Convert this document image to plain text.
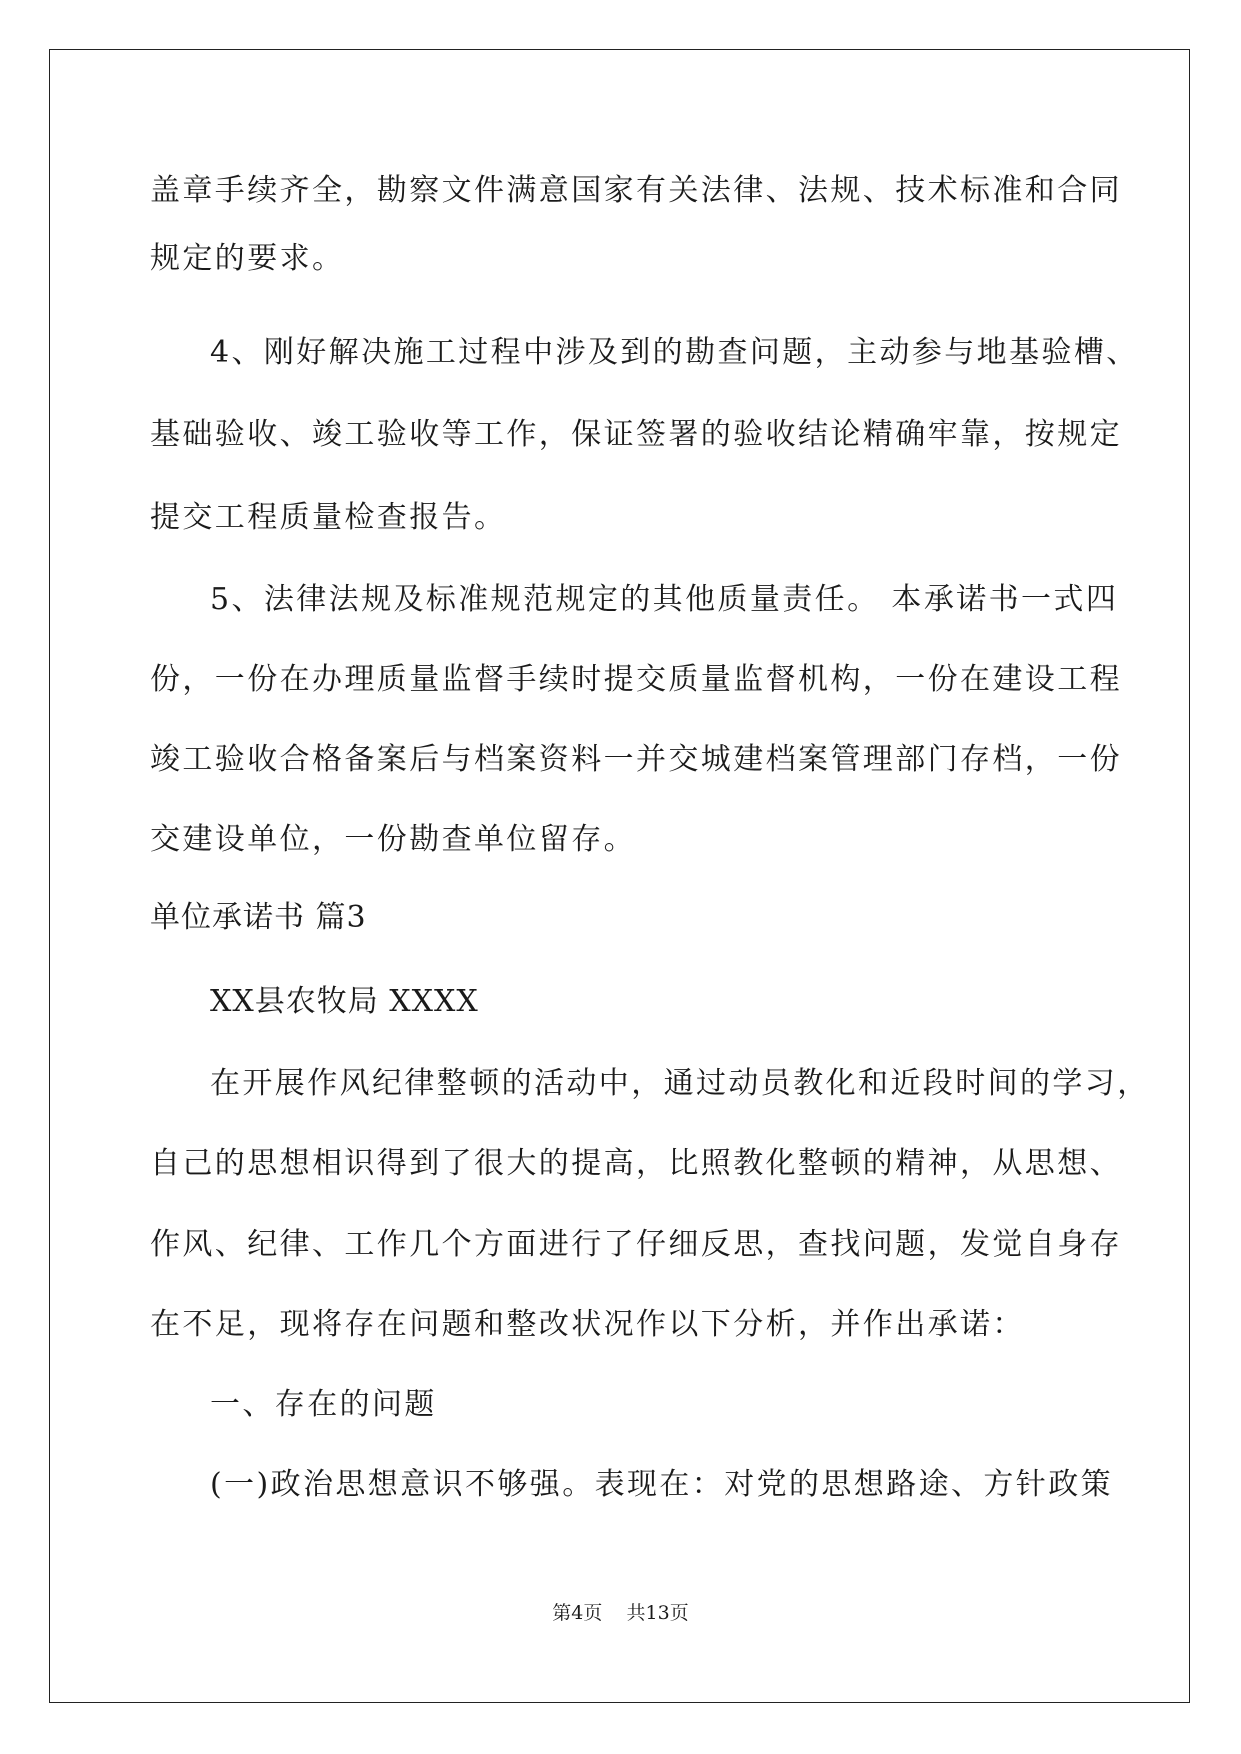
盖章手续齐全，勘察文件满意国家有关法律、法规、技术标准和合同
规定的要求。
4、刚好解决施工过程中涉及到的勘查问题，主动参与地基验槽、
基础验收、竣工验收等工作，保证签署的验收结论精确牢靠，按规定
提交工程质量检查报告。
5、法律法规及标准规范规定的其他质量责任。 本承诺书一式四
份，一份在办理质量监督手续时提交质量监督机构，一份在建设工程
竣工验收合格备案后与档案资料一并交城建档案管理部门存档，一份
交建设单位，一份勘查单位留存。
单位承诺书 篇3
XX县农牧局 XXXX
在开展作风纪律整顿的活动中，通过动员教化和近段时间的学习，
自己的思想相识得到了很大的提高，比照教化整顿的精神，从思想、
作风、纪律、工作几个方面进行了仔细反思，查找问题，发觉自身存
在不足，现将存在问题和整改状况作以下分析，并作出承诺：
一、存在的问题
(一)政治思想意识不够强。表现在：对党的思想路途、方针政策
第4页    共13页
